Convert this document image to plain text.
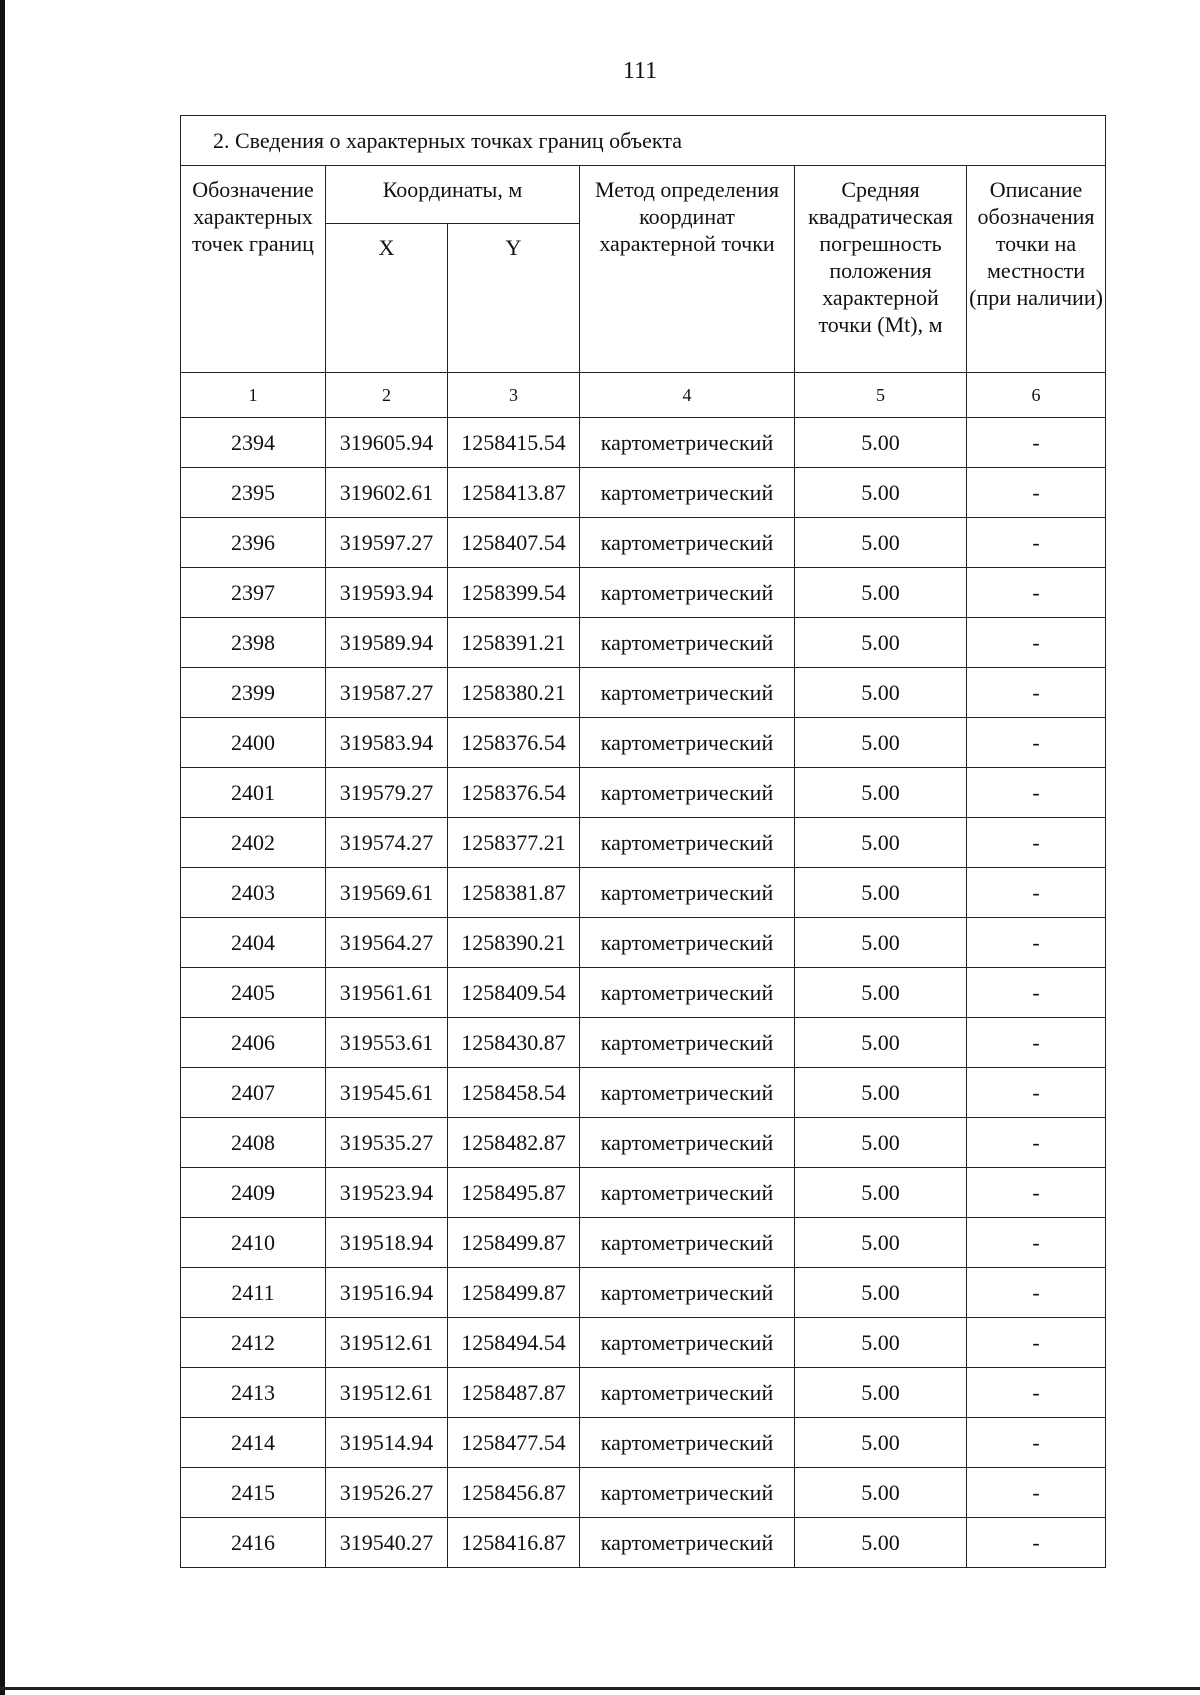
111
2. Сведения о характерных точках границ объекта					
Обозначение характерных точек границ	Координаты, м		Метод определения координат характерной точки	Средняя квадратическая погрешность положения характерной точки (Mt), м	Описание обозначения точки на местности (при наличии)
	X	Y			
1	2	3	4	5	6
2394	319605.94	1258415.54	картометрический	5.00	-
2395	319602.61	1258413.87	картометрический	5.00	-
2396	319597.27	1258407.54	картометрический	5.00	-
2397	319593.94	1258399.54	картометрический	5.00	-
2398	319589.94	1258391.21	картометрический	5.00	-
2399	319587.27	1258380.21	картометрический	5.00	-
2400	319583.94	1258376.54	картометрический	5.00	-
2401	319579.27	1258376.54	картометрический	5.00	-
2402	319574.27	1258377.21	картометрический	5.00	-
2403	319569.61	1258381.87	картометрический	5.00	-
2404	319564.27	1258390.21	картометрический	5.00	-
2405	319561.61	1258409.54	картометрический	5.00	-
2406	319553.61	1258430.87	картометрический	5.00	-
2407	319545.61	1258458.54	картометрический	5.00	-
2408	319535.27	1258482.87	картометрический	5.00	-
2409	319523.94	1258495.87	картометрический	5.00	-
2410	319518.94	1258499.87	картометрический	5.00	-
2411	319516.94	1258499.87	картометрический	5.00	-
2412	319512.61	1258494.54	картометрический	5.00	-
2413	319512.61	1258487.87	картометрический	5.00	-
2414	319514.94	1258477.54	картометрический	5.00	-
2415	319526.27	1258456.87	картометрический	5.00	-
2416	319540.27	1258416.87	картометрический	5.00	-
